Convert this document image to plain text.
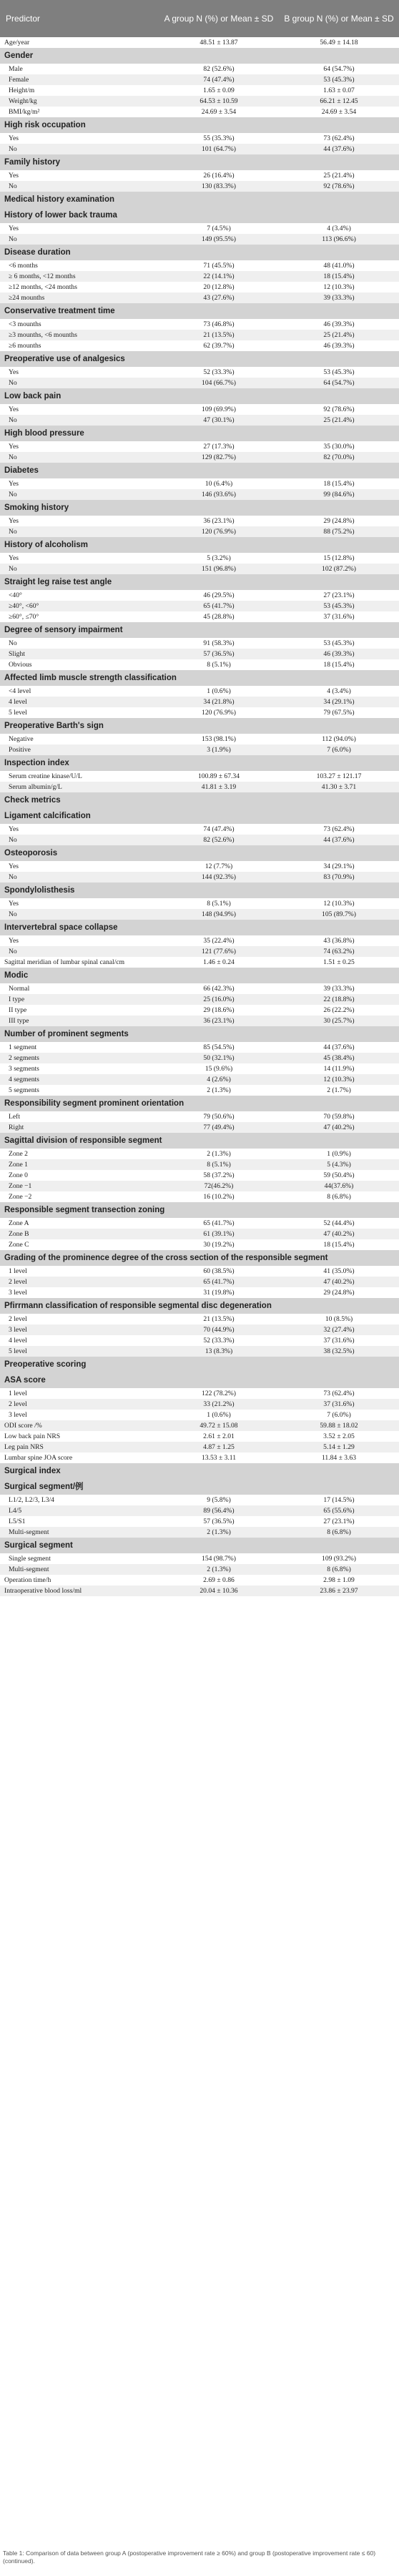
Predictor	A group N (%) or Mean ± SD	B group N (%) or Mean ± SD
Age/year	48.51 ± 13.87	56.49 ± 14.18
Gender
Male	82 (52.6%)	64 (54.7%)
Female	74 (47.4%)	53 (45.3%)
Height/m	1.65 ± 0.09	1.63 ± 0.07
Weight/kg	64.53 ± 10.59	66.21 ± 12.45
BMI/kg/m²	24.69 ± 3.54	24.69 ± 3.54
High risk occupation
Yes	55 (35.3%)	73 (62.4%)
No	101 (64.7%)	44 (37.6%)
Family history
Yes	26 (16.4%)	25 (21.4%)
No	130 (83.3%)	92 (78.6%)
Medical history examination
History of lower back trauma
Yes	7 (4.5%)	4 (3.4%)
No	149 (95.5%)	113 (96.6%)
Disease duration
<6 months	71 (45.5%)	48 (41.0%)
≥ 6 months, <12 months	22 (14.1%)	18 (15.4%)
≥12 months, <24 months	20 (12.8%)	12 (10.3%)
≥24 mounths	43 (27.6%)	39 (33.3%)
Conservative treatment time
<3 mounths	73 (46.8%)	46 (39.3%)
≥3 mounths, <6 mounths	21 (13.5%)	25 (21.4%)
≥6 mounths	62 (39.7%)	46 (39.3%)
Preoperative use of analgesics
Yes	52 (33.3%)	53 (45.3%)
No	104 (66.7%)	64 (54.7%)
Low back pain
Yes	109 (69.9%)	92 (78.6%)
No	47 (30.1%)	25 (21.4%)
High blood pressure
Yes	27 (17.3%)	35 (30.0%)
No	129 (82.7%)	82 (70.0%)
Diabetes
Yes	10 (6.4%)	18 (15.4%)
No	146 (93.6%)	99 (84.6%)
Smoking history
Yes	36 (23.1%)	29 (24.8%)
No	120 (76.9%)	88 (75.2%)
History of alcoholism
Yes	5 (3.2%)	15 (12.8%)
No	151 (96.8%)	102 (87.2%)
Straight leg raise test angle
<40°	46 (29.5%)	27 (23.1%)
≥40°, <60°	65 (41.7%)	53 (45.3%)
≥60°, ≤70°	45 (28.8%)	37 (31.6%)
Degree of sensory impairment
No	91 (58.3%)	53 (45.3%)
Slight	57 (36.5%)	46 (39.3%)
Obvious	8 (5.1%)	18 (15.4%)
Affected limb muscle strength classification
<4 level	1 (0.6%)	4 (3.4%)
4 level	34 (21.8%)	34 (29.1%)
5 level	120 (76.9%)	79 (67.5%)
Preoperative Barth's sign
Negative	153 (98.1%)	112 (94.0%)
Positive	3 (1.9%)	7 (6.0%)
Inspection index
Serum creatine kinase/U/L	100.89 ± 67.34	103.27 ± 121.17
Serum albumin/g/L	41.81 ± 3.19	41.30 ± 3.71
Check metrics
Ligament calcification
Yes	74 (47.4%)	73 (62.4%)
No	82 (52.6%)	44 (37.6%)
Osteoporosis
Yes	12 (7.7%)	34 (29.1%)
No	144 (92.3%)	83 (70.9%)
Spondylolisthesis
Yes	8 (5.1%)	12 (10.3%)
No	148 (94.9%)	105 (89.7%)
Intervertebral space collapse
Yes	35 (22.4%)	43 (36.8%)
No	121 (77.6%)	74 (63.2%)
Sagittal meridian of lumbar spinal canal/cm	1.46 ± 0.24	1.51 ± 0.25
Modic
Normal	66 (42.3%)	39 (33.3%)
I type	25 (16.0%)	22 (18.8%)
II type	29 (18.6%)	26 (22.2%)
III type	36 (23.1%)	30 (25.7%)
Number of prominent segments
1 segment	85 (54.5%)	44 (37.6%)
2 segments	50 (32.1%)	45 (38.4%)
3 segments	15 (9.6%)	14 (11.9%)
4 segments	4 (2.6%)	12 (10.3%)
5 segments	2 (1.3%)	2 (1.7%)
Responsibility segment prominent orientation
Left	79 (50.6%)	70 (59.8%)
Right	77 (49.4%)	47 (40.2%)
Sagittal division of responsible segment
Zone 2	2 (1.3%)	1 (0.9%)
Zone 1	8 (5.1%)	5 (4.3%)
Zone 0	58 (37.2%)	59 (50.4%)
Zone −1	72(46.2%)	44(37.6%)
Zone −2	16 (10.2%)	8 (6.8%)
Responsible segment transection zoning
Zone A	65 (41.7%)	52 (44.4%)
Zone B	61 (39.1%)	47 (40.2%)
Zone C	30 (19.2%)	18 (15.4%)
Grading of the prominence degree of the cross section of the responsible segment
1 level	60 (38.5%)	41 (35.0%)
2 level	65 (41.7%)	47 (40.2%)
3 level	31 (19.8%)	29 (24.8%)
Pfirrmann classification of responsible segmental disc degeneration
2 level	21 (13.5%)	10 (8.5%)
3 level	70 (44.9%)	32 (27.4%)
4 level	52 (33.3%)	37 (31.6%)
5 level	13 (8.3%)	38 (32.5%)
Preoperative scoring
ASA score
1 level	122 (78.2%)	73 (62.4%)
2 level	33 (21.2%)	37 (31.6%)
3 level	1 (0.6%)	7 (6.0%)
ODI score /%	49.72 ± 15.08	59.88 ± 18.02
Low back pain NRS	2.61 ± 2.01	3.52 ± 2.05
Leg pain NRS	4.87 ± 1.25	5.14 ± 1.29
Lumbar spine JOA score	13.53 ± 3.11	11.84 ± 3.63
Surgical index
Surgical segment/例
L1/2, L2/3, L3/4	9 (5.8%)	17 (14.5%)
L4/5	89 (56.4%)	65 (55.6%)
L5/S1	57 (36.5%)	27 (23.1%)
Multi-segment	2 (1.3%)	8 (6.8%)
Surgical segment
Single segment	154 (98.7%)	109 (93.2%)
Multi-segment	2 (1.3%)	8 (6.8%)
Operation time/h	2.69 ± 0.86	2.98 ± 1.09
Intraoperative blood loss/ml	20.04 ± 10.36	23.86 ± 23.97
Table 1: Comparison of data between group A (postoperative improvement rate ≥ 60%) and group B (postoperative improvement rate ≤ 60) (continued).
